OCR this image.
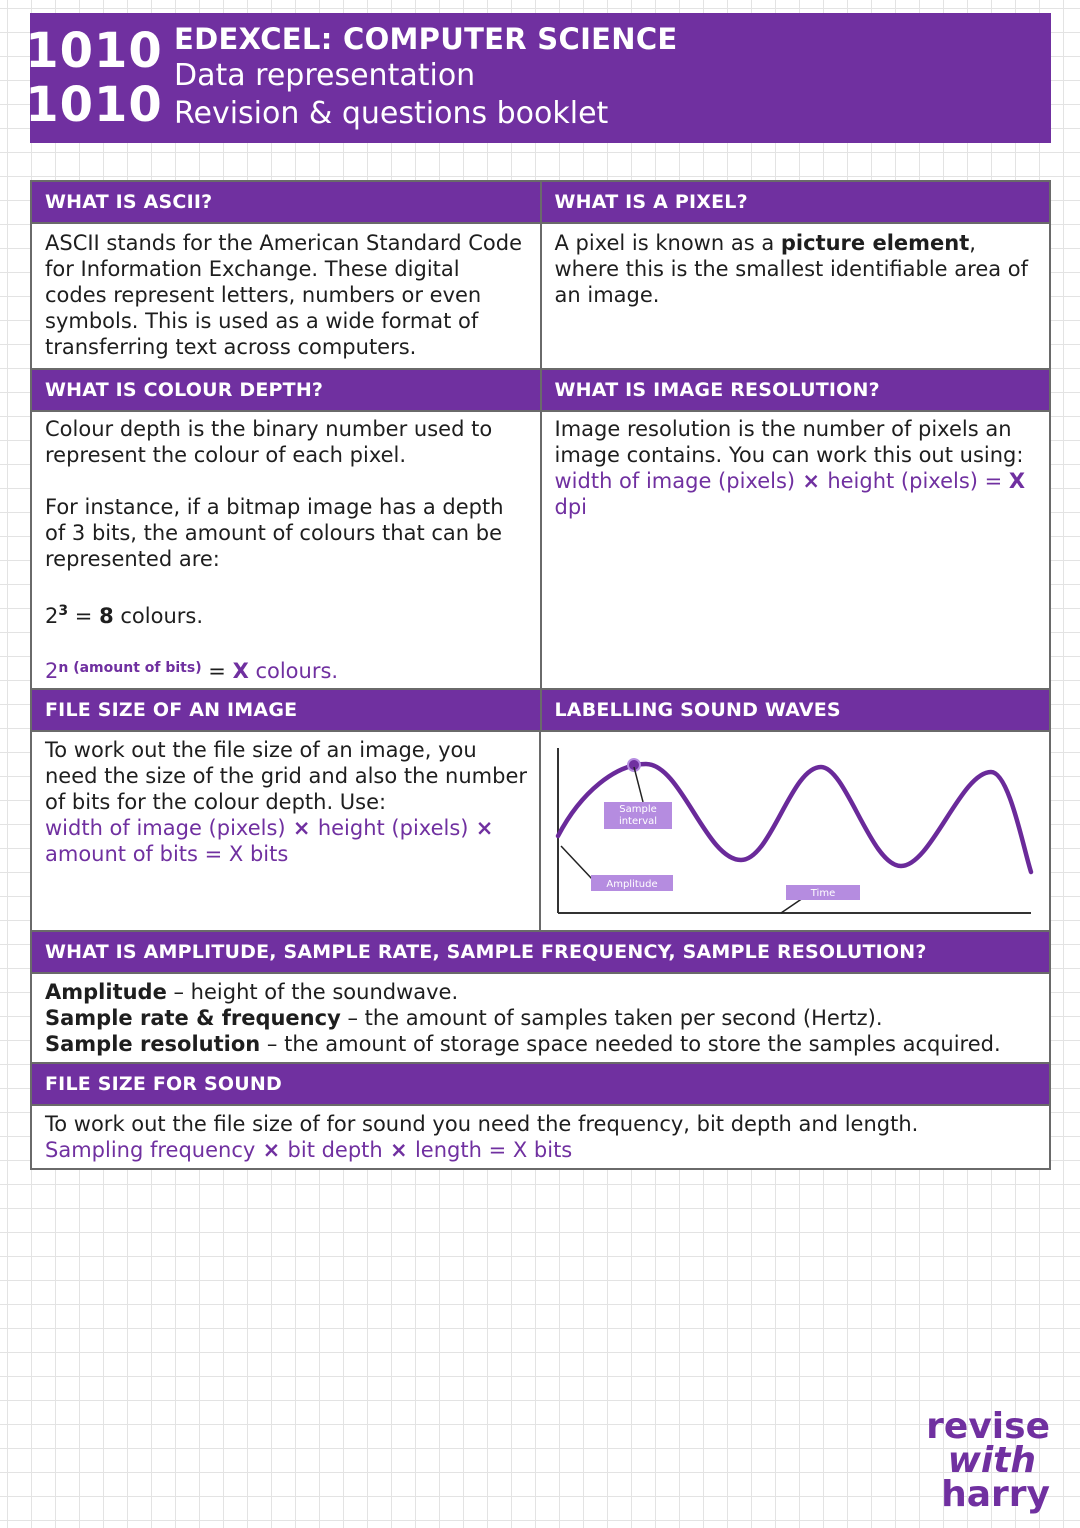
1010
1010
EDEXCEL: COMPUTER SCIENCE
Data representation
Revision & questions booklet
WHAT IS ASCII?	WHAT IS A PIXEL?
ASCII stands for the American Standard Code for Information Exchange. These digital codes represent letters, numbers or even symbols. This is used as a wide format of transferring text across computers.
A pixel is known as a picture element, where this is the smallest identifiable area of an image.
WHAT IS COLOUR DEPTH?	WHAT IS IMAGE RESOLUTION?
Colour depth is the binary number used to represent the colour of each pixel.
For instance, if a bitmap image has a depth of 3 bits, the amount of colours that can be represented are:
$2^3 = 8$ colours.
$2^{n (amount of bits)} = X$ colours.
Image resolution is the number of pixels an image contains. You can work this out using:
width of image (pixels) × height (pixels) = X dpi
FILE SIZE OF AN IMAGE	LABELLING SOUND WAVES
To work out the file size of an image, you need the size of the grid and also the number of bits for the colour depth. Use:
width of image (pixels) × height (pixels) × amount of bits = X bits
Sample
interval
Amplitude
Time
WHAT IS AMPLITUDE, SAMPLE RATE, SAMPLE FREQUENCY, SAMPLE RESOLUTION?
Amplitude – height of the soundwave.
Sample rate & frequency – the amount of samples taken per second (Hertz).
Sample resolution – the amount of storage space needed to store the samples acquired.
FILE SIZE FOR SOUND
To work out the file size of for sound you need the frequency, bit depth and length.
Sampling frequency × bit depth × length = X bits
revise
with
harry
